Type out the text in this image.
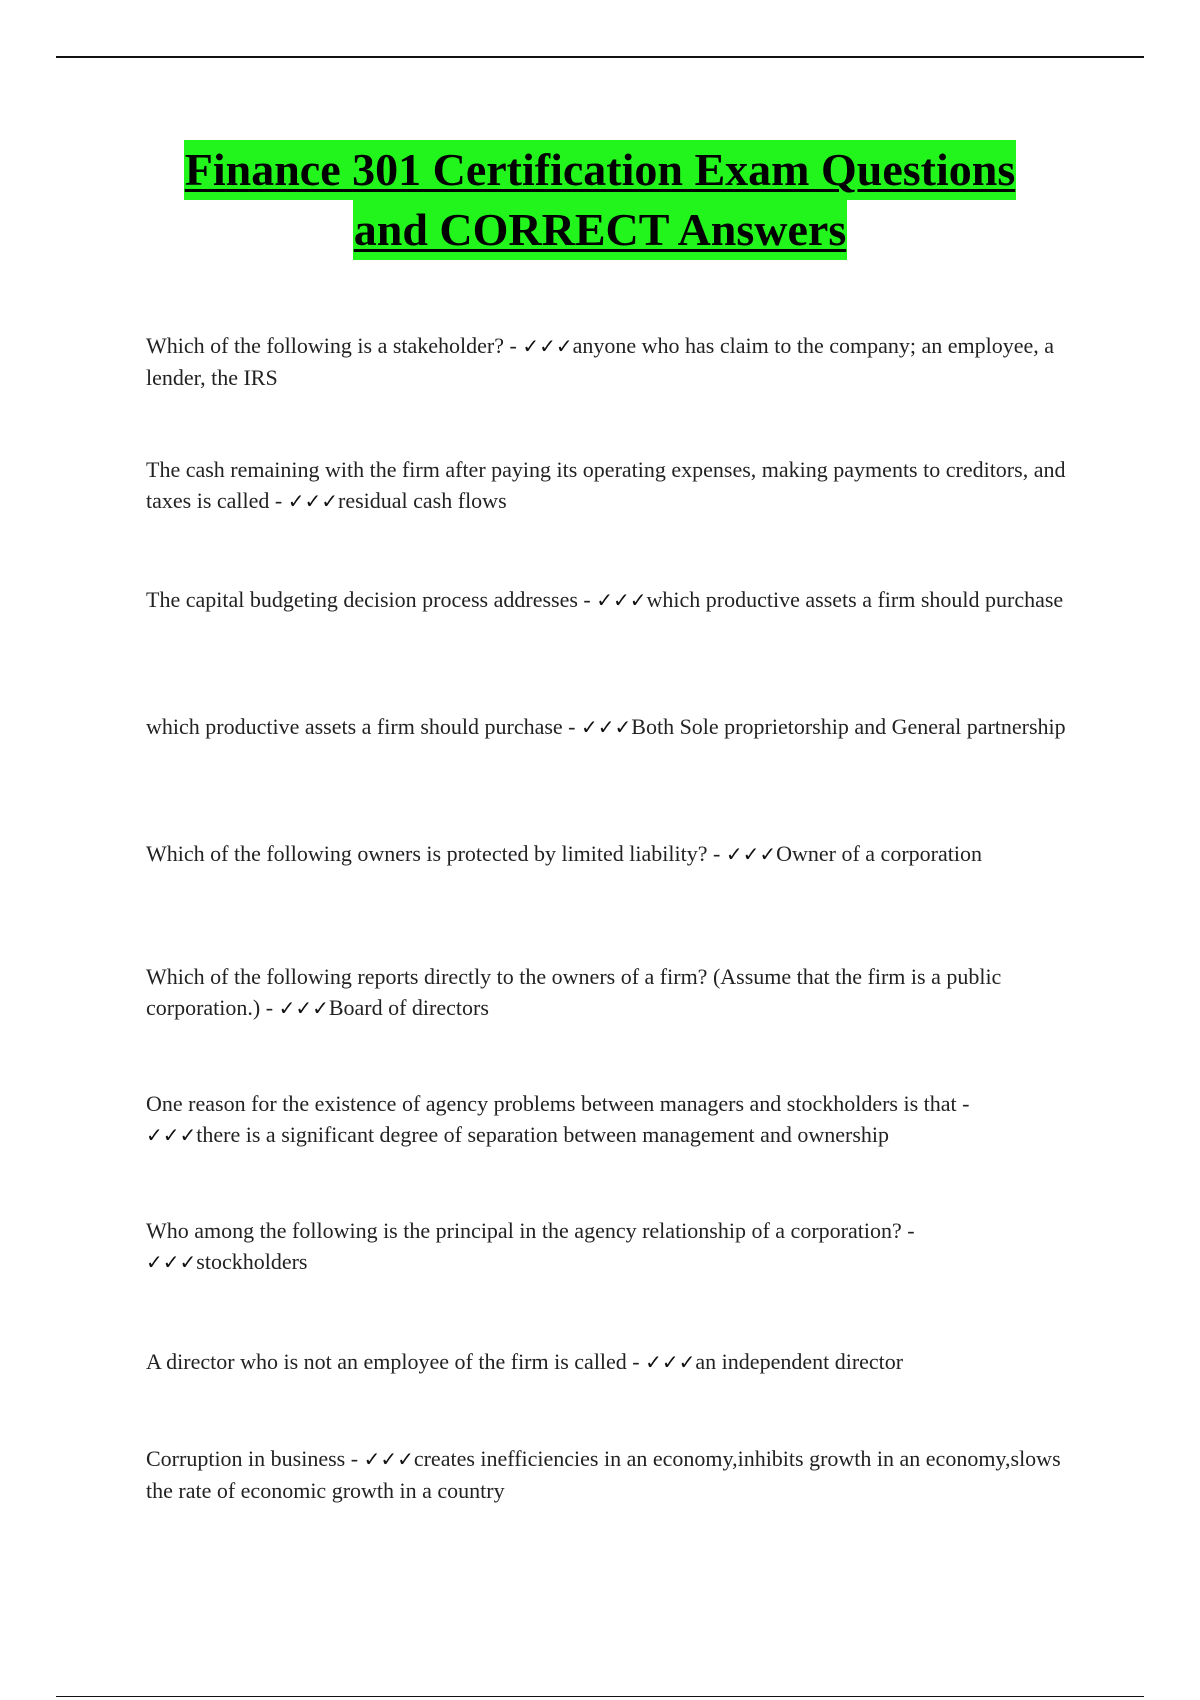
Finance 301 Certification Exam Questions
and CORRECT Answers

Which of the following is a stakeholder? - ✓✓✓anyone who has claim to the company; an employee, a lender, the IRS

The cash remaining with the firm after paying its operating expenses, making payments to creditors, and taxes is called - ✓✓✓residual cash flows

The capital budgeting decision process addresses - ✓✓✓which productive assets a firm should purchase

which productive assets a firm should purchase - ✓✓✓Both Sole proprietorship and General partnership

Which of the following owners is protected by limited liability? - ✓✓✓Owner of a corporation

Which of the following reports directly to the owners of a firm? (Assume that the firm is a public corporation.) - ✓✓✓Board of directors

One reason for the existence of agency problems between managers and stockholders is that - ✓✓✓there is a significant degree of separation between management and ownership

Who among the following is the principal in the agency relationship of a corporation? - ✓✓✓stockholders

A director who is not an employee of the firm is called - ✓✓✓an independent director

Corruption in business - ✓✓✓creates inefficiencies in an economy,inhibits growth in an economy,slows the rate of economic growth in a country
